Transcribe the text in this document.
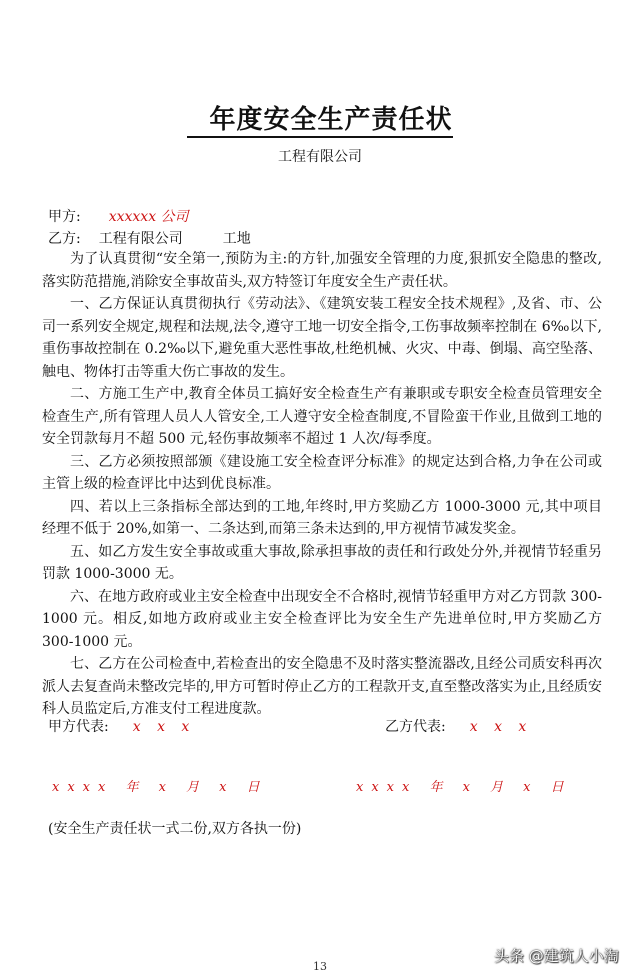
年度安全生产责任状
工程有限公司
甲方: xxxxxx 公司
乙方: 工程有限公司	工地

为了认真贯彻“安全第一,预防为主:的方针,加强安全管理的力度,狠抓安全隐患的整改,落实防范措施,消除安全事故苗头,双方特签订年度安全生产责任状。

一、乙方保证认真贯彻执行《劳动法》、《建筑安装工程安全技术规程》,及省、市、公司一系列安全规定,规程和法规,法令,遵守工地一切安全指令,工伤事故频率控制在 6‰以下,重伤事故控制在 0.2‰以下,避免重大恶性事故,杜绝机械、火灾、中毒、倒塌、高空坠落、触电、物体打击等重大伤亡事故的发生。

二、方施工生产中,教育全体员工搞好安全检查生产有兼职或专职安全检查员管理安全检查生产,所有管理人员人人管安全,工人遵守安全检查制度,不冒险蛮干作业,且做到工地的安全罚款每月不超 500 元,轻伤事故频率不超过 1 人次/每季度。

三、乙方必须按照部颁《建设施工安全检查评分标准》的规定达到合格,力争在公司或主管上级的检查评比中达到优良标准。

四、若以上三条指标全部达到的工地,年终时,甲方奖励乙方 1000-3000 元,其中项目经理不低于 20%,如第一、二条达到,而第三条未达到的,甲方视情节减发奖金。

五、如乙方发生安全事故或重大事故,除承担事故的责任和行政处分外,并视情节轻重另罚款 1000-3000 无。

六、在地方政府或业主安全检查中出现安全不合格时,视情节轻重甲方对乙方罚款 300-1000 元。相反,如地方政府或业主安全检查评比为安全生产先进单位时,甲方奖励乙方 300-1000 元。

七、乙方在公司检查中,若检查出的安全隐患不及时落实整流器改,且经公司质安科再次派人去复查尚未整改完毕的,甲方可暂时停止乙方的工程款开支,直至整改落实为止,且经质安科人员监定后,方准支付工程进度款。

甲方代表: x x x	乙方代表: x x x
xxxx 年 x 月 x 日	xxxx 年 x 月 x 日
(安全生产责任状一式二份,双方各执一份)
13
头条 @建筑人小淘
